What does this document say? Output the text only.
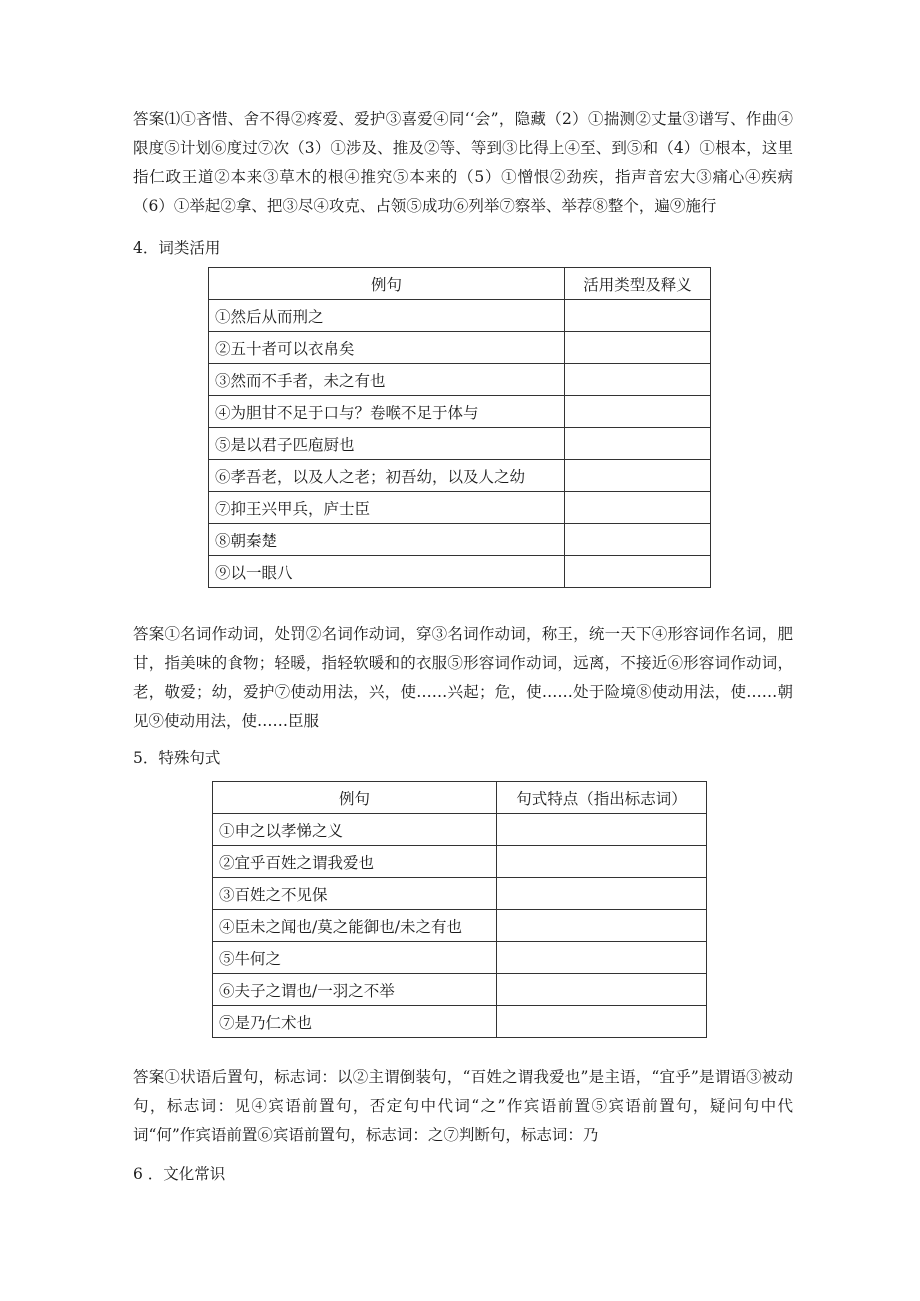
答案⑴①吝惜、舍不得②疼爱、爱护③喜爱④同‘‘会”，隐藏（2）①揣测②丈量③谱写、作曲④限度⑤计划⑥度过⑦次（3）①涉及、推及②等、等到③比得上④至、到⑤和（4）①根本，这里指仁政王道②本来③草木的根④推究⑤本来的（5）①憎恨②劲疾，指声音宏大③痛心④疾病（6）①举起②拿、把③尽④攻克、占领⑤成功⑥列举⑦察举、举荐⑧整个，遍⑨施行
4．词类活用
例句	活用类型及释义
①然后从而刑之	
②五十者可以衣帛矣	
③然而不手者，未之有也	
④为胆甘不足于口与？卷喉不足于体与	
⑤是以君子匹庖厨也	
⑥孝吾老，以及人之老；初吾幼，以及人之幼	
⑦抑王兴甲兵，庐士臣	
⑧朝秦楚	
⑨以一眼八	
答案①名词作动词，处罚②名词作动词，穿③名词作动词，称王，统一天下④形容词作名词，肥甘，指美味的食物；轻暖，指轻软暖和的衣服⑤形容词作动词，远离，不接近⑥形容词作动词，老，敬爱；幼，爱护⑦使动用法，兴，使……兴起；危，使……处于险境⑧使动用法，使……朝见⑨使动用法，使……臣服
5．特殊句式
例句	句式特点（指出标志词）
①申之以孝悌之义	
②宜乎百姓之谓我爱也	
③百姓之不见保	
④臣未之闻也/莫之能御也/未之有也	
⑤牛何之	
⑥夫子之谓也/一羽之不举	
⑦是乃仁术也	
答案①状语后置句，标志词：以②主谓倒装句，“百姓之谓我爱也”是主语，“宜乎”是谓语③被动句，标志词：见④宾语前置句，否定句中代词“之”作宾语前置⑤宾语前置句，疑问句中代词“何”作宾语前置⑥宾语前置句，标志词：之⑦判断句，标志词：乃
6 ．文化常识
